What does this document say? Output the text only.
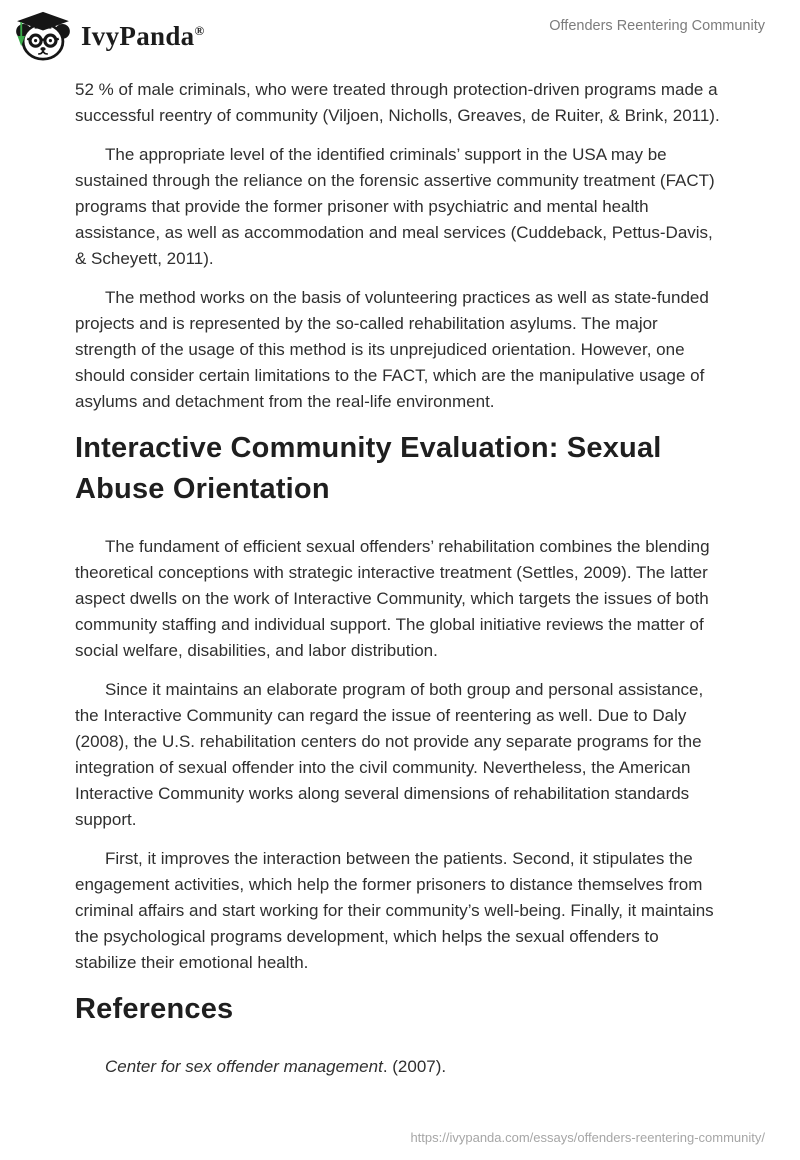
IvyPanda®	Offenders Reentering Community

52 % of male criminals, who were treated through protection-driven programs made a successful reentry of community (Viljoen, Nicholls, Greaves, de Ruiter, & Brink, 2011).

The appropriate level of the identified criminals’ support in the USA may be sustained through the reliance on the forensic assertive community treatment (FACT) programs that provide the former prisoner with psychiatric and mental health assistance, as well as accommodation and meal services (Cuddeback, Pettus-Davis, & Scheyett, 2011).

The method works on the basis of volunteering practices as well as state-funded projects and is represented by the so-called rehabilitation asylums. The major strength of the usage of this method is its unprejudiced orientation. However, one should consider certain limitations to the FACT, which are the manipulative usage of asylums and detachment from the real-life environment.

Interactive Community Evaluation: Sexual Abuse Orientation

The fundament of efficient sexual offenders’ rehabilitation combines the blending theoretical conceptions with strategic interactive treatment (Settles, 2009). The latter aspect dwells on the work of Interactive Community, which targets the issues of both community staffing and individual support. The global initiative reviews the matter of social welfare, disabilities, and labor distribution.

Since it maintains an elaborate program of both group and personal assistance, the Interactive Community can regard the issue of reentering as well. Due to Daly (2008), the U.S. rehabilitation centers do not provide any separate programs for the integration of sexual offender into the civil community. Nevertheless, the American Interactive Community works along several dimensions of rehabilitation standards support.

First, it improves the interaction between the patients. Second, it stipulates the engagement activities, which help the former prisoners to distance themselves from criminal affairs and start working for their community’s well-being. Finally, it maintains the psychological programs development, which helps the sexual offenders to stabilize their emotional health.

References

Center for sex offender management. (2007).

https://ivypanda.com/essays/offenders-reentering-community/
